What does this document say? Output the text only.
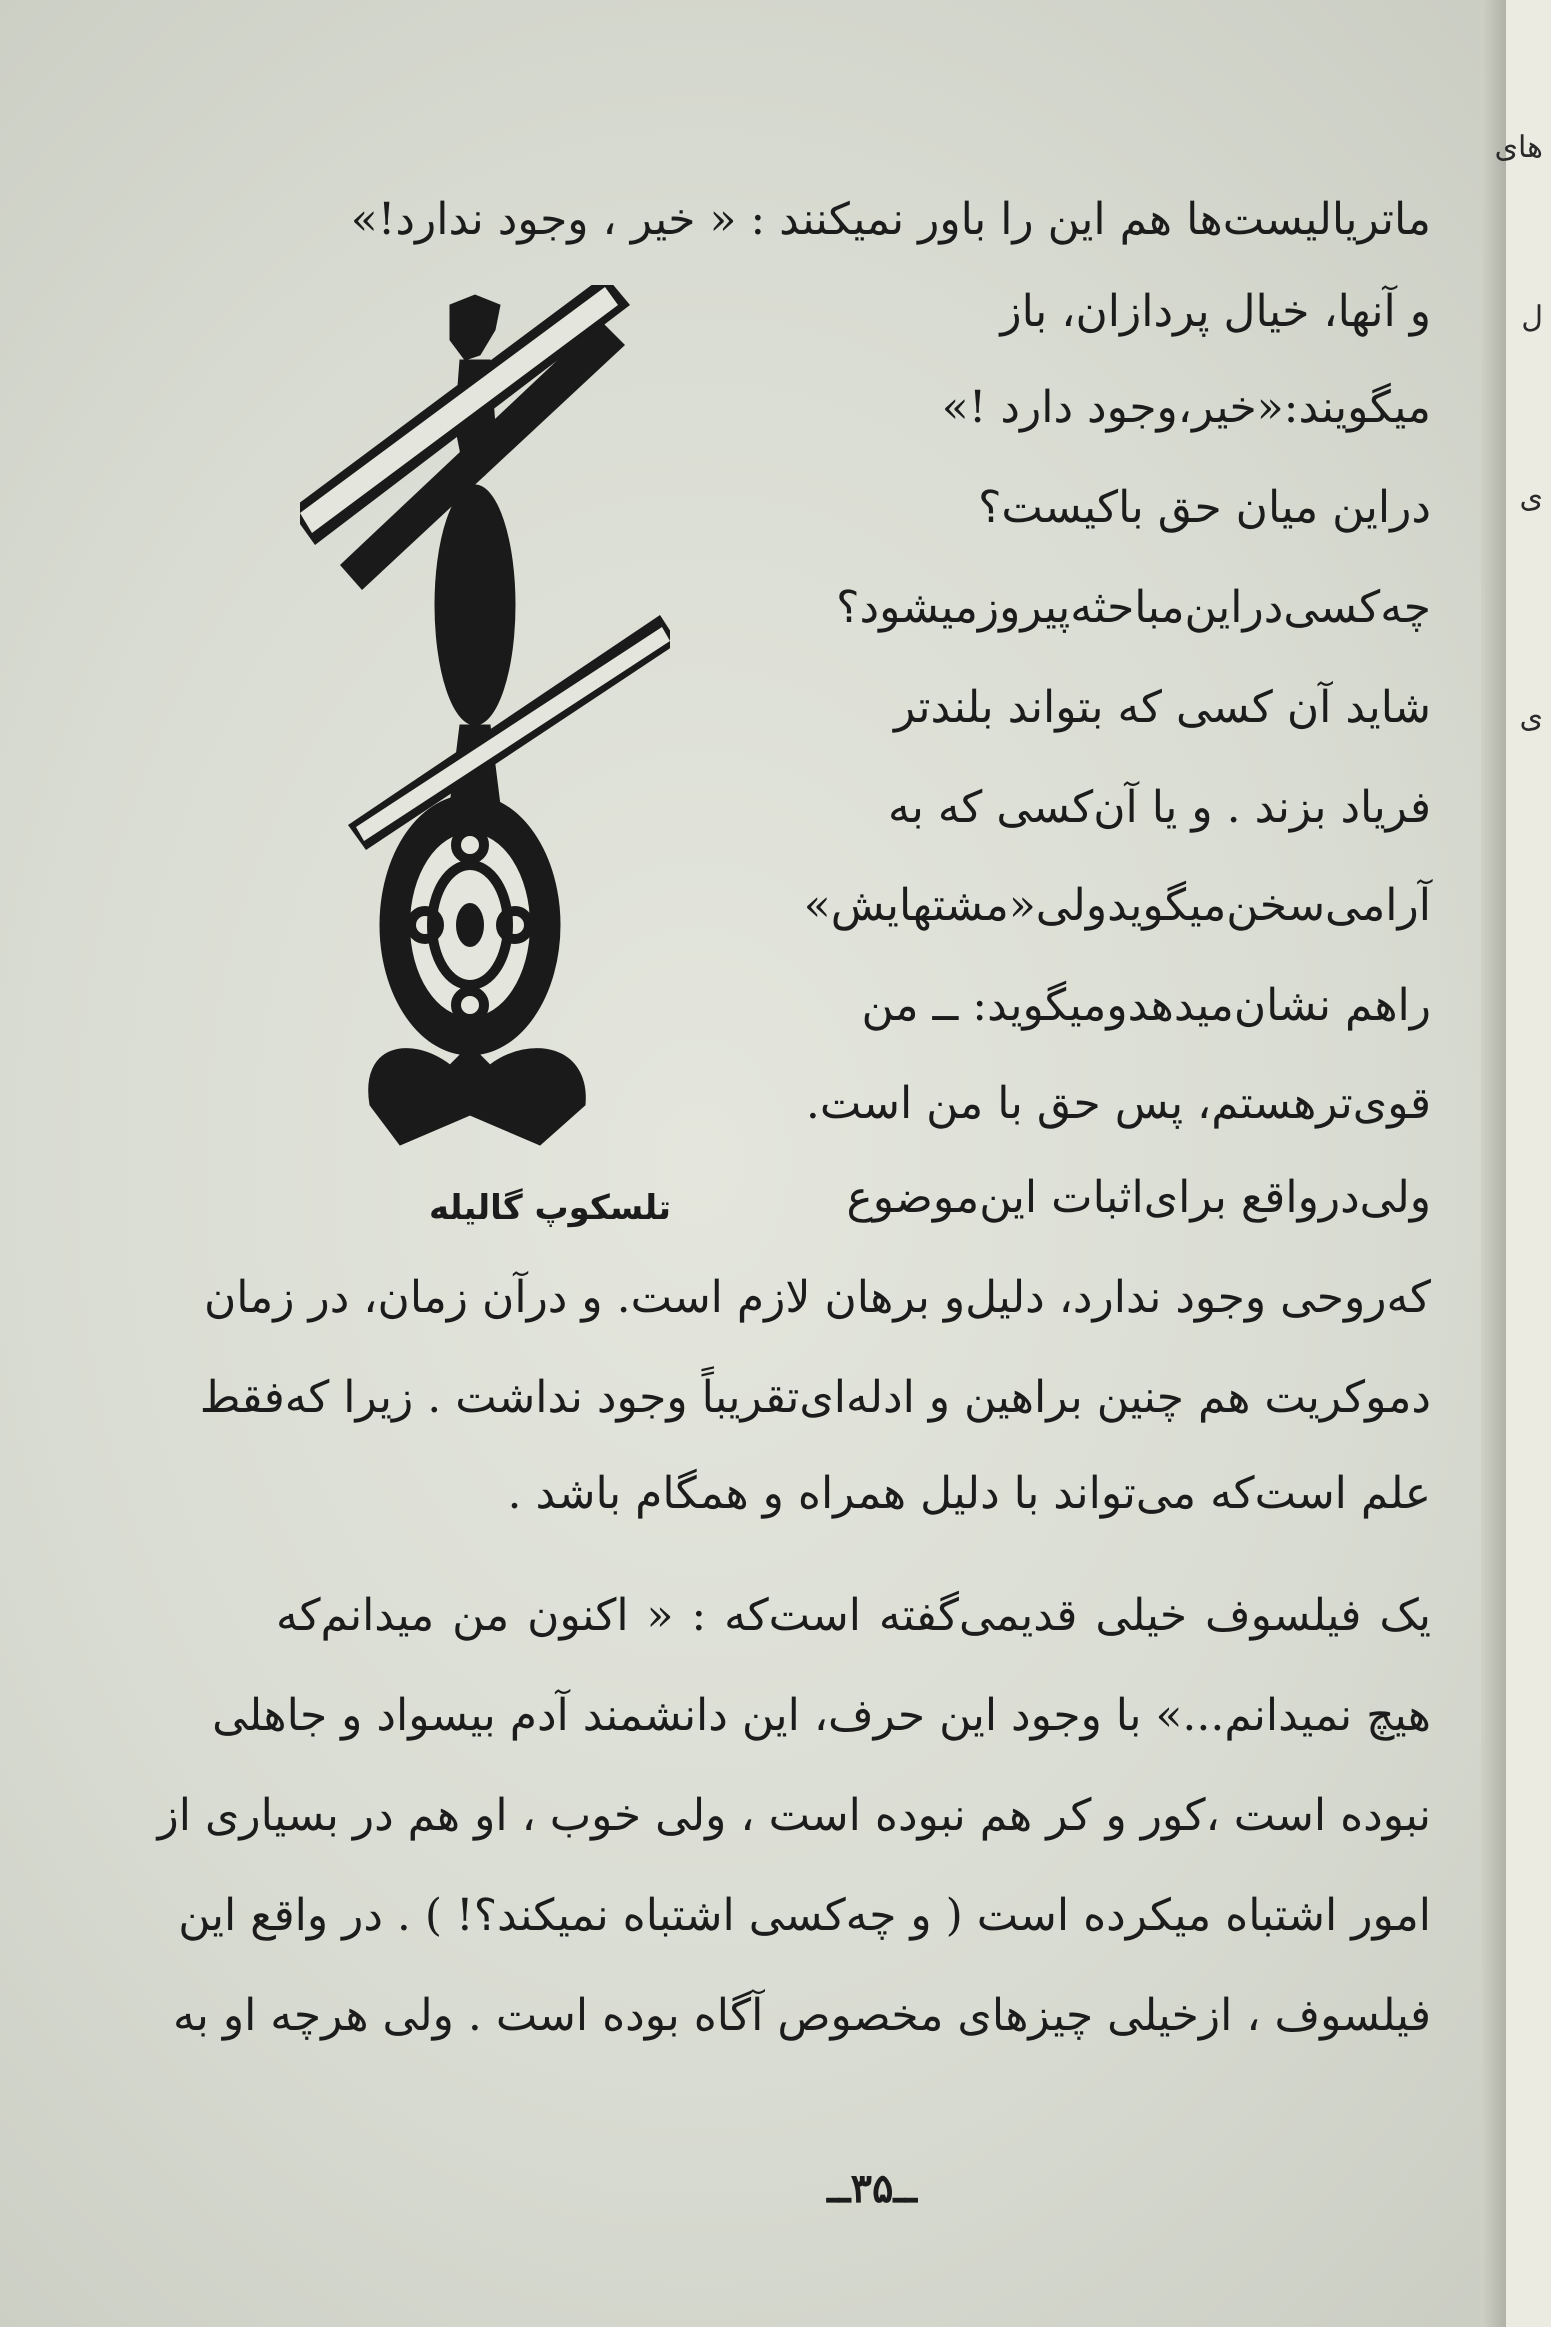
های
ل
ی
ی
ماتریالیست‌ها هم این را باور نمیکنند : « خیر ، وجود ندارد!»
و آنها، خیال پردازان، باز
میگویند:«خیر،وجود دارد !»
دراین میان حق باکیست؟
چه‌کسی‌دراین‌مباحثه‌پیروزمیشود؟
شاید آن کسی که بتواند بلندتر
فریاد بزند . و یا آن‌کسی که به
آرامی‌سخن‌میگویدولی«مشتهایش»
راهم نشان‌میدهدومیگوید: ــ من
قوی‌ترهستم، پس حق با من است.
ولی‌درواقع برای‌اثبات این‌موضوع
تلسکوپ گالیله
که‌روحی وجود ندارد، دلیل‌و برهان لازم است. و درآن زمان، در زمان
دموکریت هم چنین براهین و ادله‌ای‌تقریباً وجود نداشت . زیرا که‌فقط
علم است‌که می‌تواند با دلیل همراه و همگام باشد .
یک فیلسوف خیلی قدیمی‌گفته است‌که : « اکنون من میدانم‌که
هیچ نمیدانم...» با وجود این حرف، این دانشمند آدم بیسواد و جاهلی
نبوده است ،کور و کر هم نبوده است ، ولی خوب ، او هم در بسیاری از
امور اشتباه میکرده است ( و چه‌کسی اشتباه نمیکند؟! ) . در واقع این
فیلسوف ، ازخیلی چیزهای مخصوص آگاه بوده است . ولی هرچه او به
ــ۳۵ــ
